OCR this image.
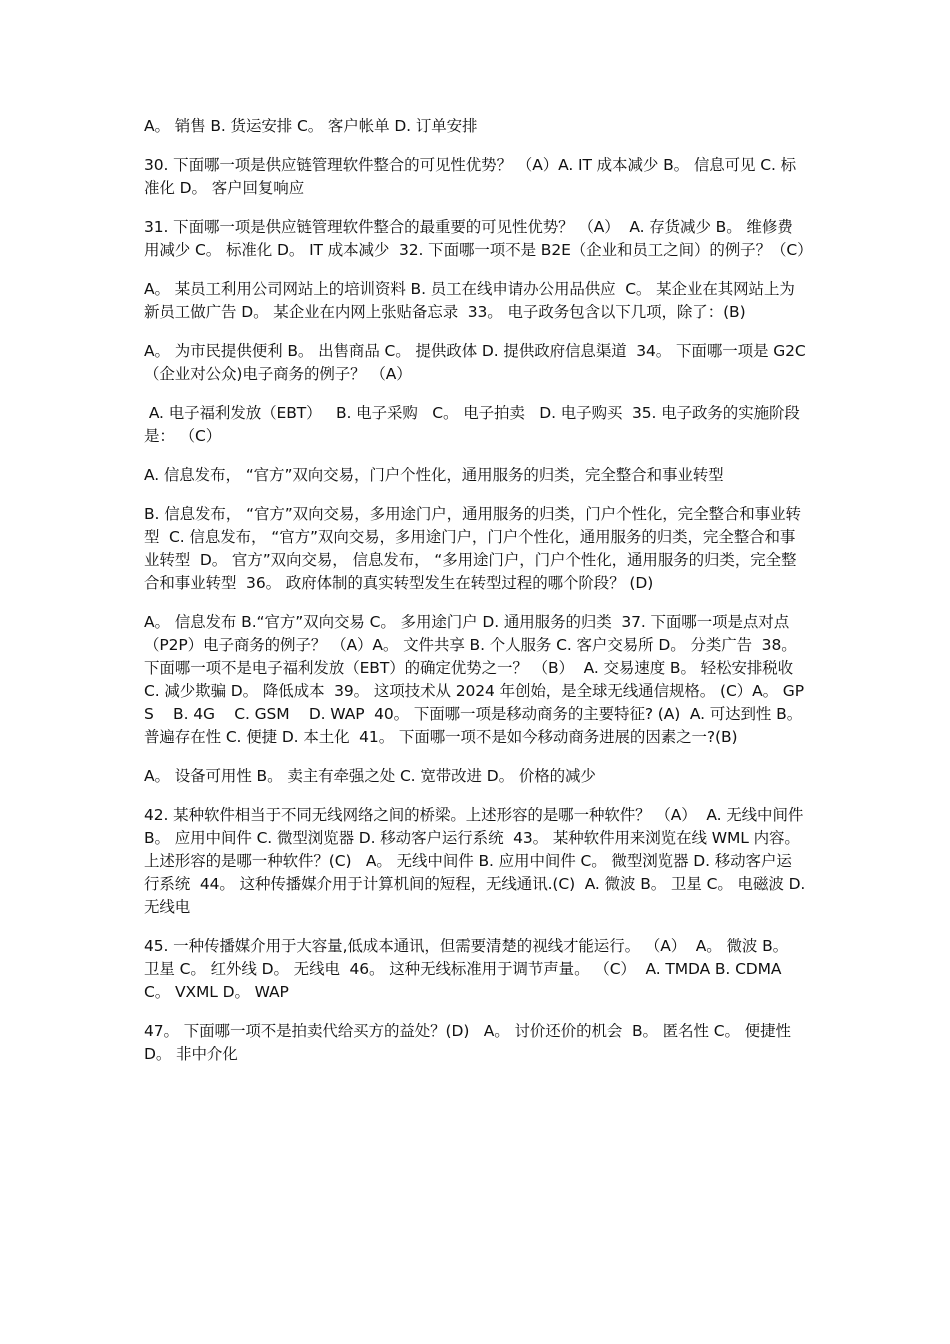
A。 销售 B. 货运安排 C。 客户帐单 D. 订单安排

30. 下面哪一项是供应链管理软件整合的可见性优势？ （A）A. IT 成本减少 B。 信息可见 C. 标准化 D。 客户回复响应

31. 下面哪一项是供应链管理软件整合的最重要的可见性优势？ （A）  A. 存货减少 B。 维修费用减少 C。 标准化 D。 IT 成本减少  32. 下面哪一项不是 B2E（企业和员工之间）的例子？（C）

A。 某员工利用公司网站上的培训资料 B. 员工在线申请办公用品供应  C。 某企业在其网站上为新员工做广告 D。 某企业在内网上张贴备忘录  33。 电子政务包含以下几项，除了：(B)

A。 为市民提供便利 B。 出售商品 C。 提供政体 D. 提供政府信息渠道  34。 下面哪一项是 G2C（企业对公众)电子商务的例子？ （A）

A. 电子福利发放（EBT）   B. 电子采购   C。 电子拍卖   D. 电子购买  35. 电子政务的实施阶段是： （C）

A. 信息发布， “官方”双向交易，门户个性化，通用服务的归类，完全整合和事业转型

B. 信息发布， “官方”双向交易，多用途门户，通用服务的归类，门户个性化，完全整合和事业转型  C. 信息发布， “官方”双向交易，多用途门户，门户个性化，通用服务的归类，完全整合和事业转型  D。 官方”双向交易， 信息发布， “多用途门户，门户个性化，通用服务的归类，完全整合和事业转型  36。 政府体制的真实转型发生在转型过程的哪个阶段？ (D)

A。 信息发布 B.“官方”双向交易 C。 多用途门户 D. 通用服务的归类  37. 下面哪一项是点对点（P2P）电子商务的例子？ （A）A。 文件共享 B. 个人服务 C. 客户交易所 D。 分类广告  38。 下面哪一项不是电子福利发放（EBT）的确定优势之一？ （B）  A. 交易速度 B。 轻松安排税收 C. 减少欺骗 D。 降低成本  39。 这项技术从 2024 年创始，是全球无线通信规格。 (C）A。 GPS    B. 4G    C. GSM    D. WAP  40。 下面哪一项是移动商务的主要特征? (A)  A. 可达到性 B。 普遍存在性 C. 便捷 D. 本土化  41。 下面哪一项不是如今移动商务进展的因素之一?(B)

A。 设备可用性 B。 卖主有牵强之处 C. 宽带改进 D。 价格的减少

42. 某种软件相当于不同无线网络之间的桥梁。上述形容的是哪一种软件？ （A）  A. 无线中间件 B。 应用中间件 C. 微型浏览器 D. 移动客户运行系统  43。 某种软件用来浏览在线 WML 内容。上述形容的是哪一种软件？(C)   A。 无线中间件 B. 应用中间件 C。 微型浏览器 D. 移动客户运行系统  44。 这种传播媒介用于计算机间的短程，无线通讯.(C)  A. 微波 B。 卫星 C。 电磁波 D. 无线电

45. 一种传播媒介用于大容量,低成本通讯，但需要清楚的视线才能运行。 （A）  A。 微波 B。 卫星 C。 红外线 D。 无线电  46。 这种无线标准用于调节声量。 （C）  A. TMDA B. CDMA C。 VXML D。 WAP

47。 下面哪一项不是拍卖代给买方的益处？(D)   A。 讨价还价的机会  B。 匿名性 C。 便捷性  D。 非中介化
